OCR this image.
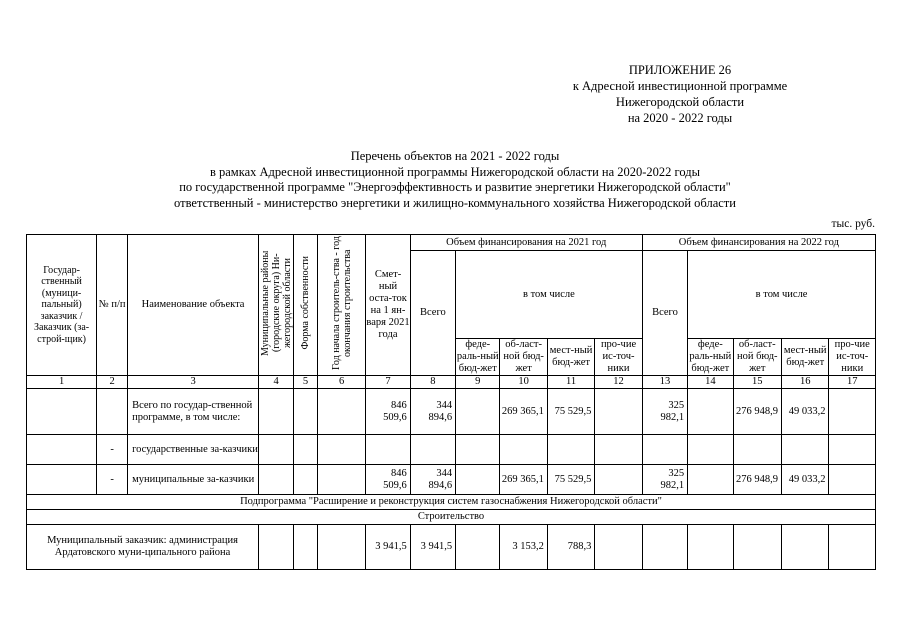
ПРИЛОЖЕНИЕ 26
к Адресной инвестиционной программе
Нижегородской области
на 2020 - 2022 годы
Перечень объектов на 2021 - 2022 годы
в рамках Адресной инвестиционной программы Нижегородской области на 2020-2022 годы
по государственной программе "Энергоэффективность и развитие энергетики Нижегородской области"
ответственный - министерство энергетики и жилищно-коммунального хозяйства Нижегородской области
тыс. руб.
Государ-ственный (муници-пальный) заказчик / Заказчик (за-строй-щик)	№ п/п	Наименование объекта	Муниципальные районы (городские округа) Ни-жегородской области	Форма собственности	Год начала строитель-ства - год окончания строительства	Смет-ный остa-ток на 1 ян-варя 2021 года	Объем финансирования на 2021 год					Объем финансирования на 2022 год				
							Всего	в том числе				Всего	в том числе			
								феде-раль-ный бюд-жет	об-ласт-ной бюд-жет	мест-ный бюд-жет	про-чие ис-точ-ники		феде-раль-ный бюд-жет	об-ласт-ной бюд-жет	мест-ный бюд-жет	про-чие ис-точ-ники
1	2	3	4	5	6	7	8	9	10	11	12	13	14	15	16	17
		Всего по государ-ственной программе, в том числе:				846 509,6	344 894,6		269 365,1	75 529,5		325 982,1		276 948,9	49 033,2	
	-	государственные за-казчики														
	-	муниципальные за-казчики				846 509,6	344 894,6		269 365,1	75 529,5		325 982,1		276 948,9	49 033,2	
Подпрограмма "Расширение и реконструкция систем газоснабжения Нижегородской области"																
Строительство																
Муниципальный заказчик: администрация Ардатовского муни-ципального района						3 941,5	3 941,5		3 153,2	788,3						
